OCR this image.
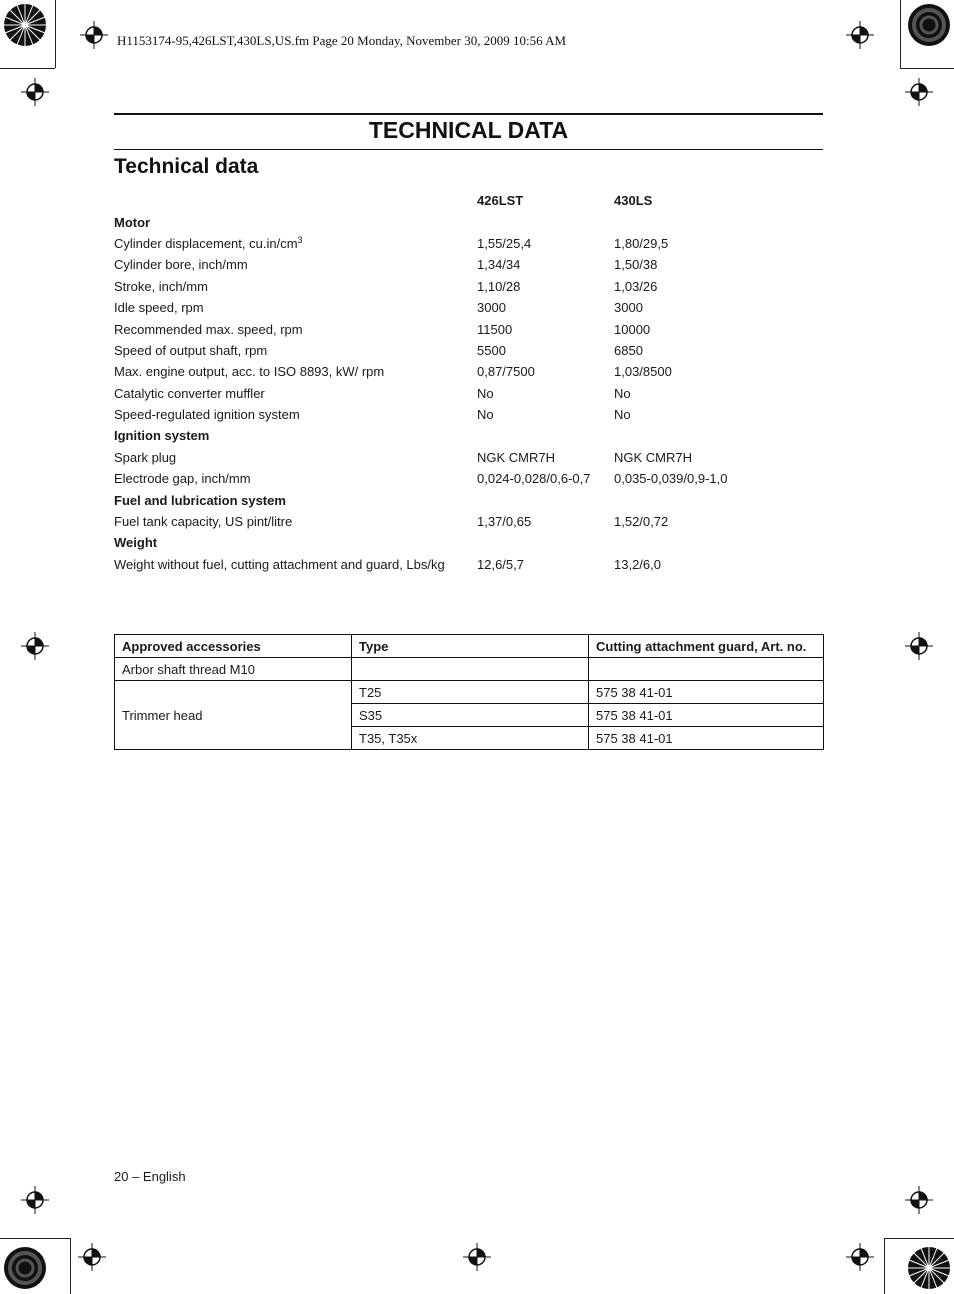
H1153174-95,426LST,430LS,US.fm Page 20 Monday, November 30, 2009 10:56 AM
TECHNICAL DATA
Technical data
426LST	430LS
Motor
Cylinder displacement, $cu.in/cm^3$	1,55/25,4	1,80/29,5
Cylinder bore, inch/mm	1,34/34	1,50/38
Stroke, inch/mm	1,10/28	1,03/26
Idle speed, rpm	3000	3000
Recommended max. speed, rpm	11500	10000
Speed of output shaft, rpm	5500	6850
Max. engine output, acc. to ISO 8893, kW/ rpm	0,87/7500	1,03/8500
Catalytic converter muffler	No	No
Speed-regulated ignition system	No	No
Ignition system
Spark plug	NGK CMR7H	NGK CMR7H
Electrode gap, inch/mm	0,024-0,028/0,6-0,7	0,035-0,039/0,9-1,0
Fuel and lubrication system
Fuel tank capacity, US pint/litre	1,37/0,65	1,52/0,72
Weight
Weight without fuel, cutting attachment and guard, Lbs/kg	12,6/5,7	13,2/6,0
Approved accessories	Type	Cutting attachment guard, Art. no.
Arbor shaft thread M10		
Trimmer head	T25	575 38 41-01
	S35	575 38 41-01
	T35, T35x	575 38 41-01
20 – English
